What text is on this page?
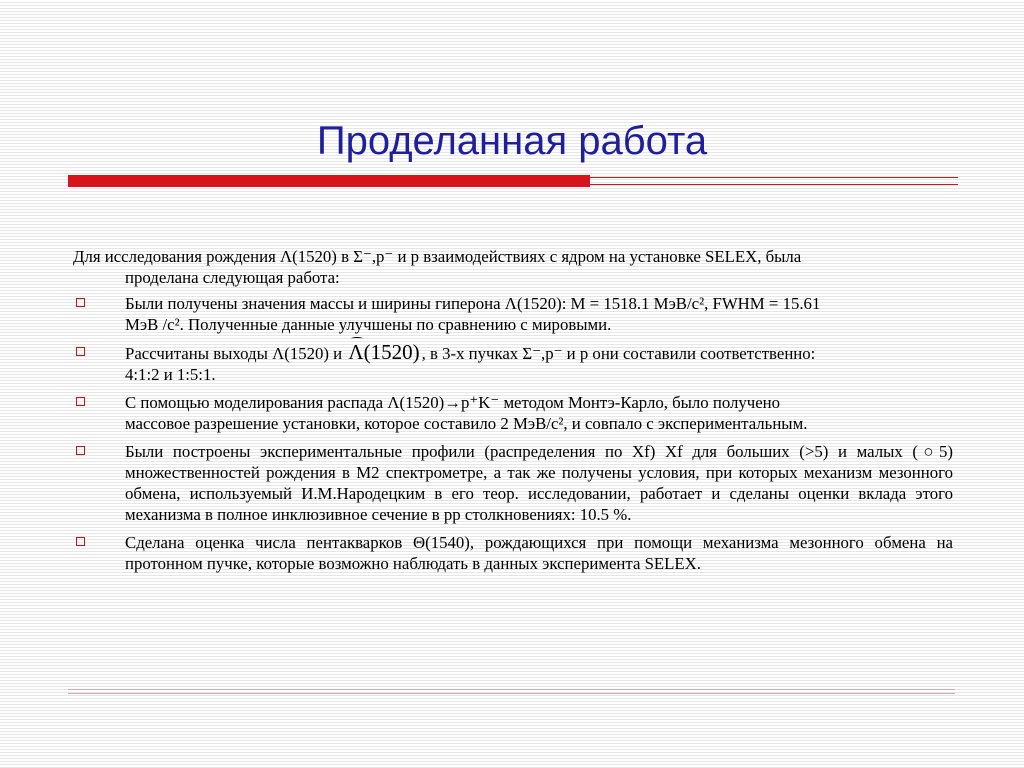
Проделанная работа

Для исследования рождения Λ(1520) в Σ⁻,p⁻ и p взаимодействиях с ядром на установке SELEX, была
проделана следующая работа:

Были получены значения массы и ширины гиперона Λ(1520): M = 1518.1 МэВ/с², FWHM = 15.61
МэВ /с². Полученные данные улучшены по сравнению с мировыми.
Рассчитаны выходы Λ(1520) и Λ(1520) , в 3-х пучках Σ⁻,p⁻ и p они составили соответственно:
4:1:2 и 1:5:1.
С помощью моделирования распада Λ(1520)→p⁺K⁻ методом Монтэ-Карло, было получено
массовое разрешение установки, которое составило 2 МэВ/с², и совпало с экспериментальным.
Были построены экспериментальные профили (распределения по Xf) Xf для больших (>5) и малых (○5) множественностей рождения в M2 спектрометре, а так же получены условия, при которых механизм мезонного обмена, используемый И.М.Народецким в его теор. исследовании, работает и сделаны оценки вклада этого механизма в полное инклюзивное сечение в pp столкновениях: 10.5 %.
Сделана оценка числа пентакварков Θ(1540), рождающихся при помощи механизма мезонного обмена на протонном пучке, которые возможно наблюдать в данных эксперимента SELEX.
